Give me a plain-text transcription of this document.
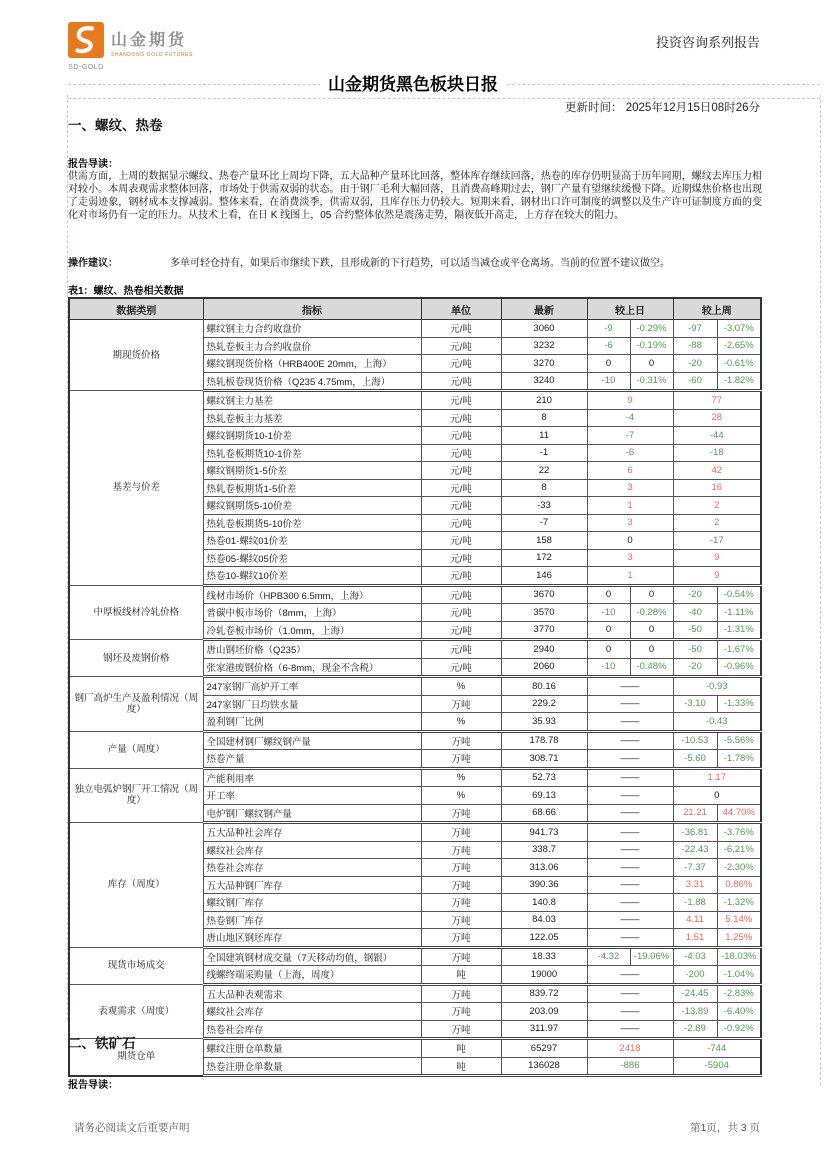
SD-GOLD
山金期货
SHANDONG GOLD FUTURES
投资咨询系列报告
山金期货黑色板块日报
更新时间： 2025年12月15日08时26分
一、螺纹、热卷
报告导读：
供需方面，上周的数据显示螺纹、热卷产量环比上周均下降，五大品种产量环比回落，整体库存继续回落，热卷的库存仍明显高于历年同期，螺纹去库压力相对较小。本周表观需求整体回落，市场处于供需双弱的状态。由于钢厂毛利大幅回落，且消费高峰期过去，钢厂产量有望继续缓慢下降。近期煤焦价格也出现了走弱迹象，钢材成本支撑减弱。整体来看，在消费淡季，供需双弱，且库存压力仍较大。短期来看，钢材出口许可制度的调整以及生产许可证制度方面的变化对市场仍有一定的压力。从技术上看，在日 K 线图上，05 合约整体依然是震荡走势，隔夜低开高走，上方存在较大的阻力。
操作建议：	多单可轻仓持有，如果后市继续下跌，且形成新的下行趋势，可以适当减仓或平仓离场。当前的位置不建议做空。
表1：螺纹、热卷相关数据
数据类别	指标	单位	最新	较上日		较上周	
期现货价格	螺纹钢主力合约收盘价	元/吨	3060	-9	-0.29%	-97	-3.07%
	热轧卷板主力合约收盘价	元/吨	3232	-6	-0.19%	-88	-2.65%
	螺纹钢现货价格（HRB400E 20mm，上海）	元/吨	3270	0	0	-20	-0.61%
	热轧板卷现货价格（Q235 4.75mm，上海）	元/吨	3240	-10	-0.31%	-60	-1.82%
基差与价差	螺纹钢主力基差	元/吨	210	9		77	
	热轧卷板主力基差	元/吨	8	-4		28	
	螺纹钢期货10-1价差	元/吨	11	-7		-44	
	热轧卷板期货10-1价差	元/吨	-1	-6		-18	
	螺纹钢期货1-5价差	元/吨	22	6		42	
	热轧卷板期货1-5价差	元/吨	8	3		16	
	螺纹钢期货5-10价差	元/吨	-33	1		2	
	热轧卷板期货5-10价差	元/吨	-7	3		2	
	热卷01-螺纹01价差	元/吨	158	0		-17	
	热卷05-螺纹05价差	元/吨	172	3		9	
	热卷10-螺纹10价差	元/吨	146	1		9	
中厚板线材冷轧价格	线材市场价（HPB300 6.5mm，上海）	元/吨	3670	0	0	-20	-0.54%
	普碳中板市场价（8mm，上海）	元/吨	3570	-10	-0.28%	-40	-1.11%
	冷轧卷板市场价（1.0mm，上海）	元/吨	3770	0	0	-50	-1.31%
钢坯及废钢价格	唐山钢坯价格（Q235）	元/吨	2940	0	0	-50	-1.67%
	张家港废钢价格（6-8mm，现金不含税）	元/吨	2060	-10	-0.48%	-20	-0.96%
钢厂高炉生产及盈利情况（周度）	247家钢厂高炉开工率	%	80.16	——		-0.93	
	247家钢厂日均铁水量	万吨	229.2	——		-3.10	-1.33%
	盈利钢厂比例	%	35.93	——		-0.43	
产量（周度）	全国建材钢厂螺纹钢产量	万吨	178.78	——		-10.53	-5.56%
	热卷产量	万吨	308.71	——		-5.60	-1.78%
独立电弧炉钢厂开工情况（周度）	产能利用率	%	52.73	——		1.17	
	开工率	%	69.13	——		0	
	电炉钢厂螺纹钢产量	万吨	68.66	——		21.21	44.70%
库存（周度）	五大品种社会库存	万吨	941.73	——		-36.81	-3.76%
	螺纹社会库存	万吨	338.7	——		-22.43	-6.21%
	热卷社会库存	万吨	313.06	——		-7.37	-2.30%
	五大品种钢厂库存	万吨	390.36	——		3.31	0.86%
	螺纹钢厂库存	万吨	140.8	——		-1.88	-1.32%
	热卷钢厂库存	万吨	84.03	——		4.11	5.14%
	唐山地区钢坯库存	万吨	122.05	——		1.51	1.25%
现货市场成交	全国建筑钢材成交量（7天移动均值，钢银）	万吨	18.33	-4.32	-19.06%	-4.03	-18.03%
	线螺终端采购量（上海，周度）	吨	19000	——		-200	-1.04%
表观需求（周度）	五大品种表观需求	万吨	839.72	——		-24.45	-2.83%
	螺纹社会库存	万吨	203.09	——		-13.89	-6.40%
	热卷社会库存	万吨	311.97	——		-2.89	-0.92%
期货仓单	螺纹注册仓单数量	吨	65297	2418		-744	
	热卷注册仓单数量	吨	136028	-886		-5904	
二、铁矿石
报告导读：
请务必阅读文后重要声明	第1页，共 3 页
